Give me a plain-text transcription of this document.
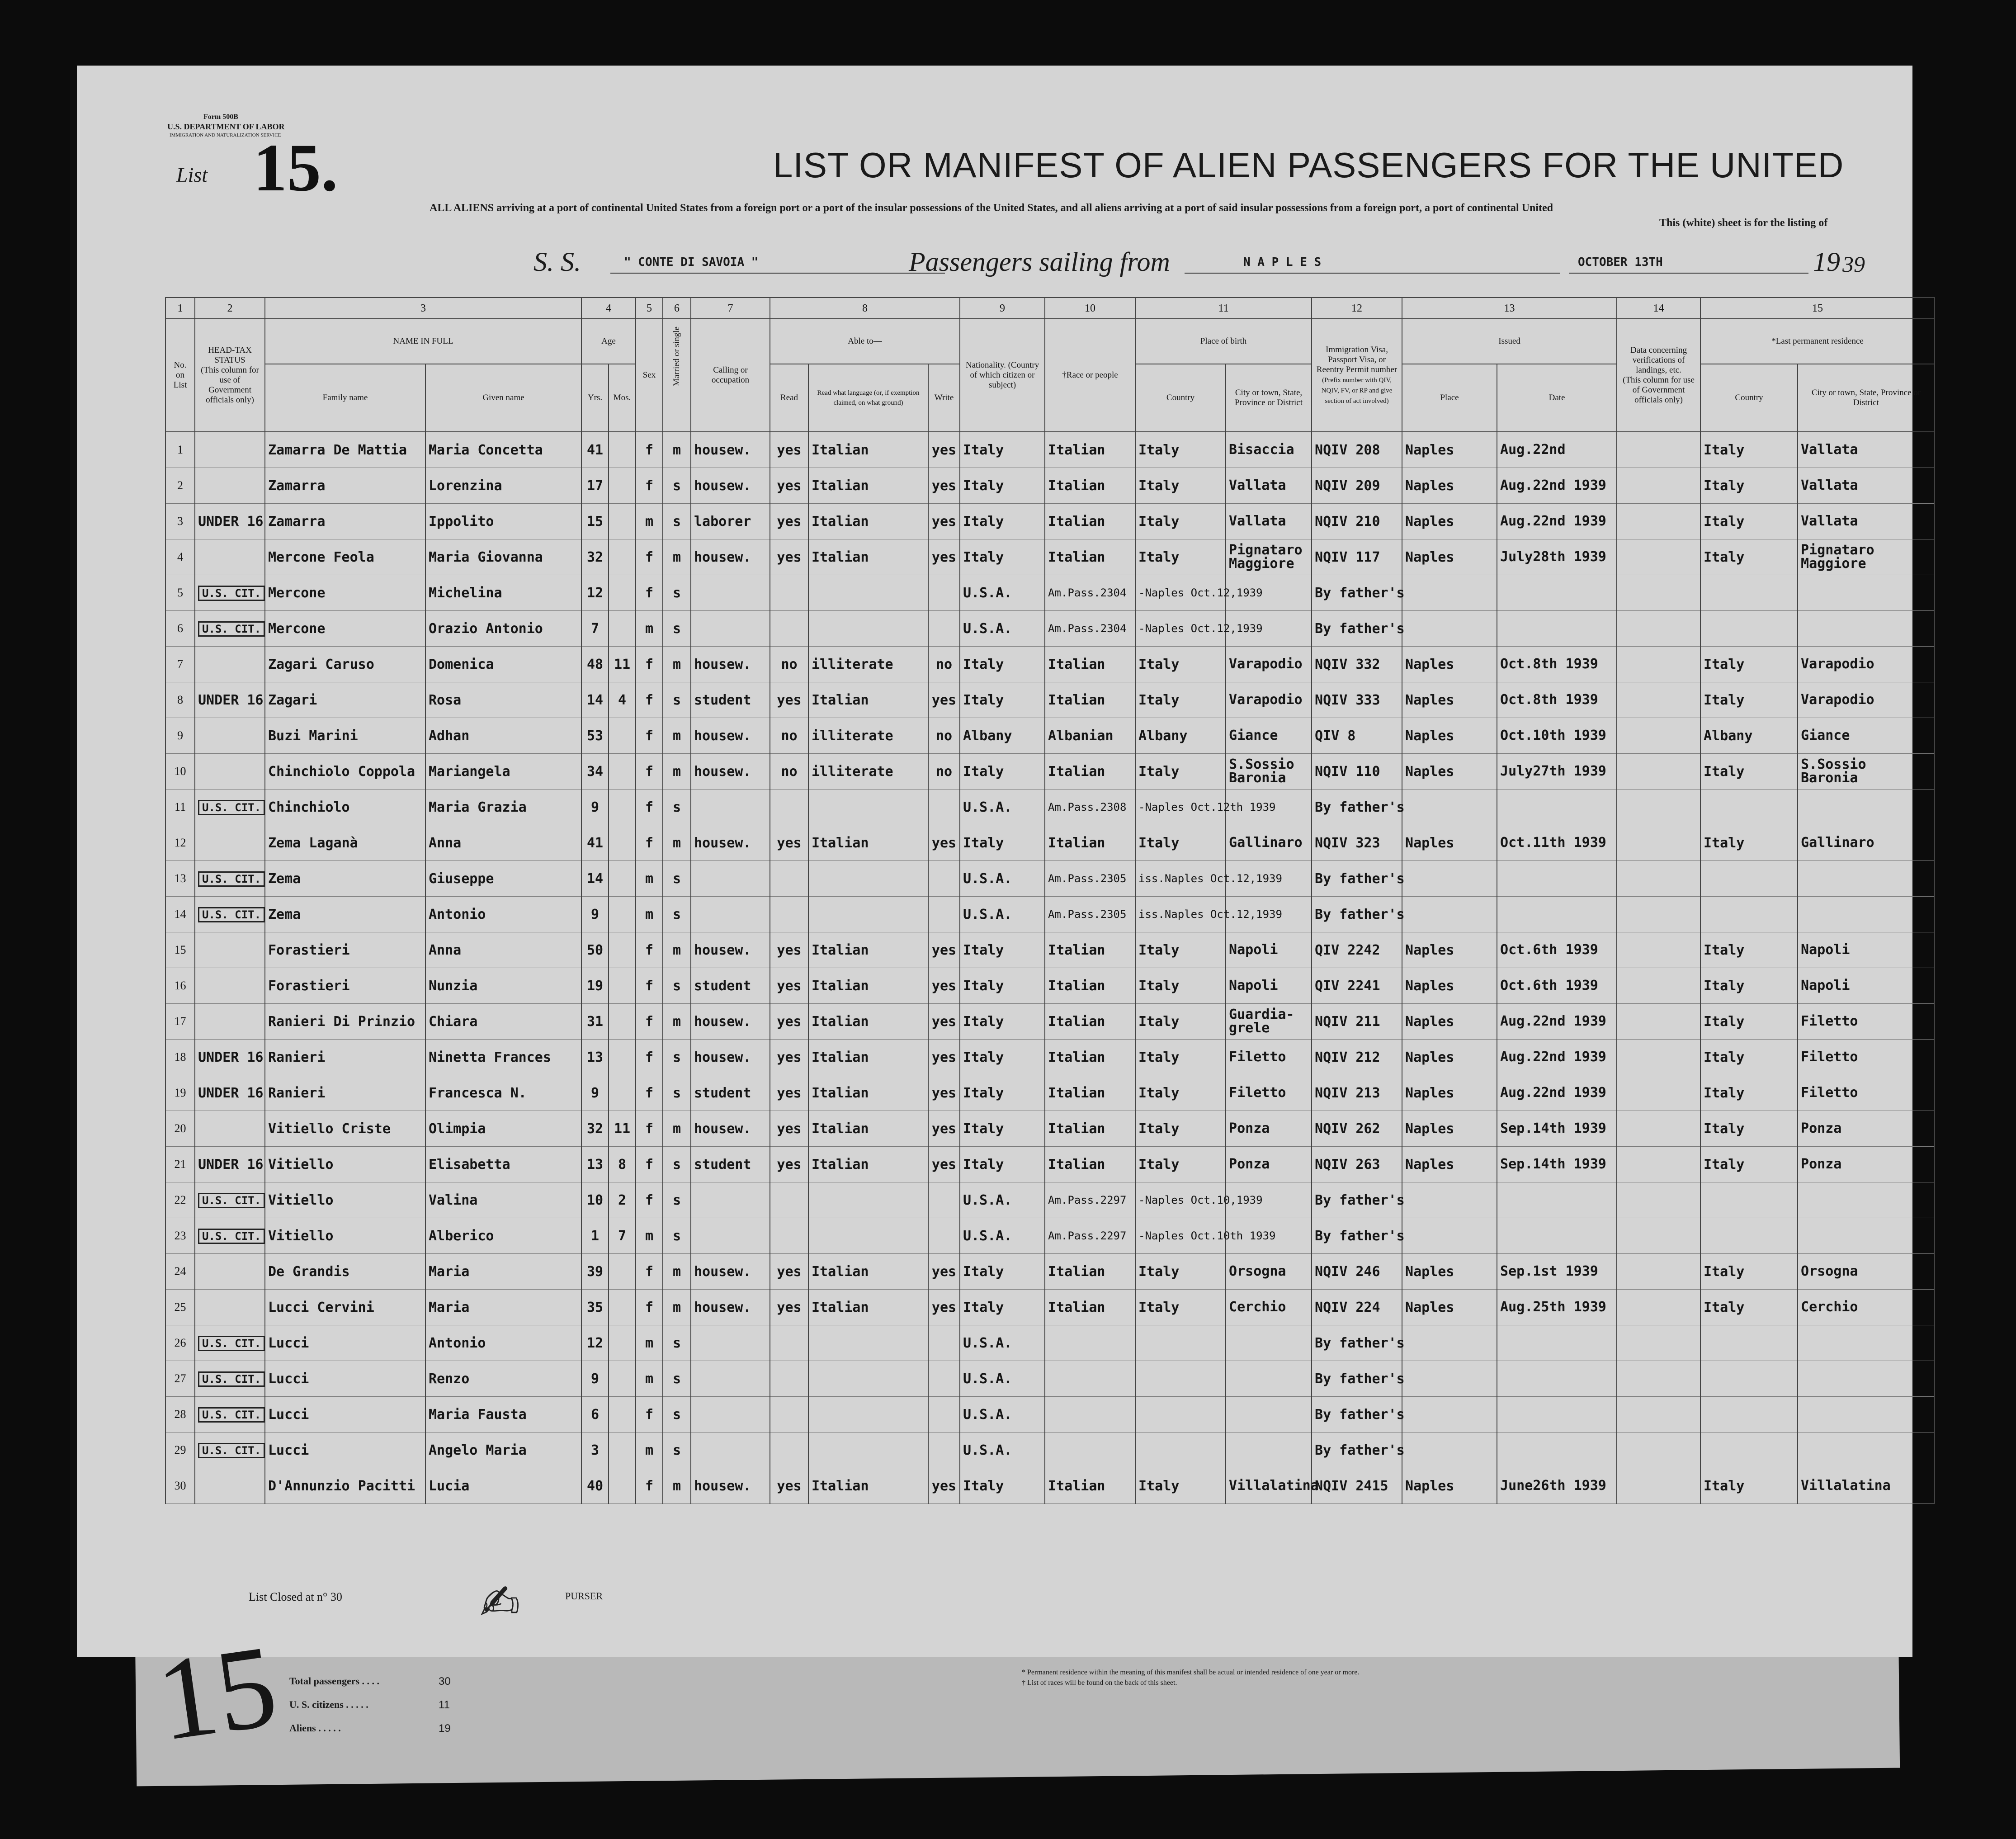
Form 500B
U.S. DEPARTMENT OF LABOR
IMMIGRATION AND NATURALIZATION SERVICE
List 15.	LIST OR MANIFEST OF ALIEN PASSENGERS FOR THE UNITED
ALL ALIENS arriving at a port of continental United States from a foreign port or a port of the insular possessions of the United States, and all aliens arriving at a port of said insular possessions from a foreign port, a port of continental United
This (white) sheet is for the listing of
S. S.	" CONTE DI SAVOIA "	Passengers sailing from	N A P L E S	OCTOBER 13TH	19 39
1	2	3		4		5	6	7	8			9	10	11		12	13		14	15	
No. on List	HEAD-TAX STATUS
(This column for use of Government officials only)	NAME IN FULL		Age		Sex	Married or single	Calling or occupation	Able to—			Nationality. (Country of which citizen or subject)	†Race or people	Place of birth		Immigration Visa, Passport Visa, or Reentry Permit number
(Prefix number with QIV, NQIV, FV, or RP and give section of act involved)	Issued		Data concerning verifications of landings, etc.
(This column for use of Government officials only)	*Last permanent residence	
		Family name	Given name	Yrs.	Mos.				Read	Read what language (or, if exemption claimed, on what ground)	Write			Country	City or town, State, Province or District		Place	Date		Country	City or town, State, Province or District
1		Zamarra De Mattia	Maria Concetta	41		f	m	housew.	yes	Italian	yes	Italy	Italian	Italy	Bisaccia	NQIV 208	Naples	Aug.22nd		Italy	Vallata
2		Zamarra	Lorenzina	17		f	s	housew.	yes	Italian	yes	Italy	Italian	Italy	Vallata	NQIV 209	Naples	Aug.22nd 1939		Italy	Vallata
3	UNDER 16	Zamarra	Ippolito	15		m	s	laborer	yes	Italian	yes	Italy	Italian	Italy	Vallata	NQIV 210	Naples	Aug.22nd 1939		Italy	Vallata
4		Mercone Feola	Maria Giovanna	32		f	m	housew.	yes	Italian	yes	Italy	Italian	Italy	Pignataro Maggiore	NQIV 117	Naples	July28th 1939		Italy	Pignataro Maggiore
5	U.S. CIT.	Mercone	Michelina	12		f	s					U.S.A.	Am.Pass.2304	-Naples Oct.12,1939		By father's					
6	U.S. CIT.	Mercone	Orazio Antonio	7		m	s					U.S.A.	Am.Pass.2304	-Naples Oct.12,1939		By father's					
7		Zagari Caruso	Domenica	48	11	f	m	housew.	no	illiterate	no	Italy	Italian	Italy	Varapodio	NQIV 332	Naples	Oct.8th 1939		Italy	Varapodio
8	UNDER 16	Zagari	Rosa	14	4	f	s	student	yes	Italian	yes	Italy	Italian	Italy	Varapodio	NQIV 333	Naples	Oct.8th 1939		Italy	Varapodio
9		Buzi Marini	Adhan	53		f	m	housew.	no	illiterate	no	Albany	Albanian	Albany	Giance	QIV 8	Naples	Oct.10th 1939		Albany	Giance
10		Chinchiolo Coppola	Mariangela	34		f	m	housew.	no	illiterate	no	Italy	Italian	Italy	S.Sossio Baronia	NQIV 110	Naples	July27th 1939		Italy	S.Sossio Baronia
11	U.S. CIT.	Chinchiolo	Maria Grazia	9		f	s					U.S.A.	Am.Pass.2308	-Naples Oct.12th 1939		By father's					
12		Zema Laganà	Anna	41		f	m	housew.	yes	Italian	yes	Italy	Italian	Italy	Gallinaro	NQIV 323	Naples	Oct.11th 1939		Italy	Gallinaro
13	U.S. CIT.	Zema	Giuseppe	14		m	s					U.S.A.	Am.Pass.2305	iss.Naples Oct.12,1939		By father's					
14	U.S. CIT.	Zema	Antonio	9		m	s					U.S.A.	Am.Pass.2305	iss.Naples Oct.12,1939		By father's					
15		Forastieri	Anna	50		f	m	housew.	yes	Italian	yes	Italy	Italian	Italy	Napoli	QIV 2242	Naples	Oct.6th 1939		Italy	Napoli
16		Forastieri	Nunzia	19		f	s	student	yes	Italian	yes	Italy	Italian	Italy	Napoli	QIV 2241	Naples	Oct.6th 1939		Italy	Napoli
17		Ranieri Di Prinzio	Chiara	31		f	m	housew.	yes	Italian	yes	Italy	Italian	Italy	Guardia- grele	NQIV 211	Naples	Aug.22nd 1939		Italy	Filetto
18	UNDER 16	Ranieri	Ninetta Frances	13		f	s	housew.	yes	Italian	yes	Italy	Italian	Italy	Filetto	NQIV 212	Naples	Aug.22nd 1939		Italy	Filetto
19	UNDER 16	Ranieri	Francesca N.	9		f	s	student	yes	Italian	yes	Italy	Italian	Italy	Filetto	NQIV 213	Naples	Aug.22nd 1939		Italy	Filetto
20		Vitiello Criste	Olimpia	32	11	f	m	housew.	yes	Italian	yes	Italy	Italian	Italy	Ponza	NQIV 262	Naples	Sep.14th 1939		Italy	Ponza
21	UNDER 16	Vitiello	Elisabetta	13	8	f	s	student	yes	Italian	yes	Italy	Italian	Italy	Ponza	NQIV 263	Naples	Sep.14th 1939		Italy	Ponza
22	U.S. CIT.	Vitiello	Valina	10	2	f	s					U.S.A.	Am.Pass.2297	-Naples Oct.10,1939		By father's					
23	U.S. CIT.	Vitiello	Alberico	1	7	m	s					U.S.A.	Am.Pass.2297	-Naples Oct.10th 1939		By father's					
24		De Grandis	Maria	39		f	m	housew.	yes	Italian	yes	Italy	Italian	Italy	Orsogna	NQIV 246	Naples	Sep.1st 1939		Italy	Orsogna
25		Lucci Cervini	Maria	35		f	m	housew.	yes	Italian	yes	Italy	Italian	Italy	Cerchio	NQIV 224	Naples	Aug.25th 1939		Italy	Cerchio
26	U.S. CIT.	Lucci	Antonio	12		m	s					U.S.A.				By father's					
27	U.S. CIT.	Lucci	Renzo	9		m	s					U.S.A.				By father's					
28	U.S. CIT.	Lucci	Maria Fausta	6		f	s					U.S.A.				By father's					
29	U.S. CIT.	Lucci	Angelo Maria	3		m	s					U.S.A.				By father's					
30		D'Annunzio Pacitti	Lucia	40		f	m	housew.	yes	Italian	yes	Italy	Italian	Italy	Villalatina	NQIV 2415	Naples	June26th 1939		Italy	Villalatina
List Closed at n° 30	PURSER
✍
Total passengers . . . .	30
U. S. citizens . . . . .	11
Aliens . . . . .	19
* Permanent residence within the meaning of this manifest shall be actual or intended residence of one year or more.
† List of races will be found on the back of this sheet.
15
